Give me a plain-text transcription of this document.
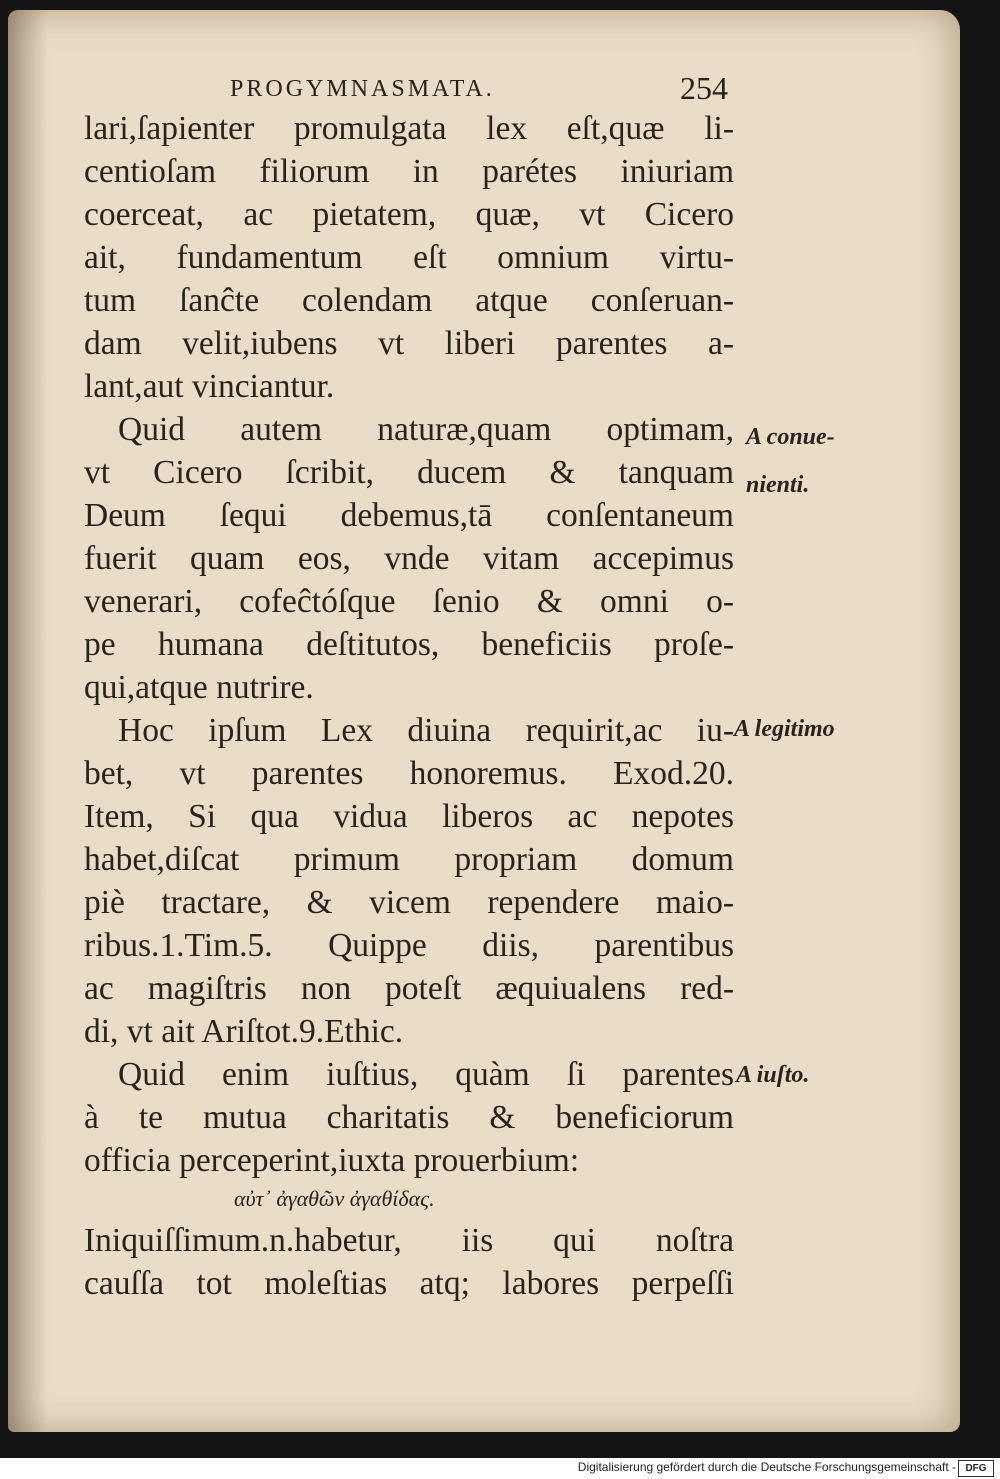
PROGYMNASMATA.	254
lari,ſapienter promulgata lex eſt,quæ li-
centioſam filiorum in parétes iniuriam
coerceat, ac pietatem, quæ, vt Cicero
ait, fundamentum eſt omnium virtu-
tum ſanĉte colendam atque conſeruan-
dam velit,iubens vt liberi parentes a-
lant,aut vinciantur.
Quid autem naturæ,quam optimam,
vt Cicero ſcribit, ducem & tanquam
Deum ſequi debemus,tā conſentaneum
fuerit quam eos, vnde vitam accepimus
venerari, cofeĉtóſque ſenio & omni o-
pe humana deſtitutos, beneficiis proſe-
qui,atque nutrire.
Hoc ipſum Lex diuina requirit,ac iu-
bet, vt parentes honoremus. Exod.20.
Item, Si qua vidua liberos ac nepotes
habet,diſcat primum propriam domum
piè tractare, & vicem rependere maio-
ribus.1.Tim.5. Quippe diis, parentibus
ac magiſtris non poteſt æquiualens red-
di, vt ait Ariſtot.9.Ethic.
Quid enim iuſtius, quàm ſi parentes
à te mutua charitatis & beneficiorum
officia perceperint,iuxta prouerbium:
αὐτ᾽ ἀγαθῶν ἀγαθίδας.
Iniquiſſimum.n.habetur, iis qui noſtra
cauſſa tot moleſtias atq; labores perpeſſi
A conue-
nienti.
A legitimo
A iuſto.
Digitalisierung gefördert durch die Deutsche Forschungsgemeinschaft - DFG
